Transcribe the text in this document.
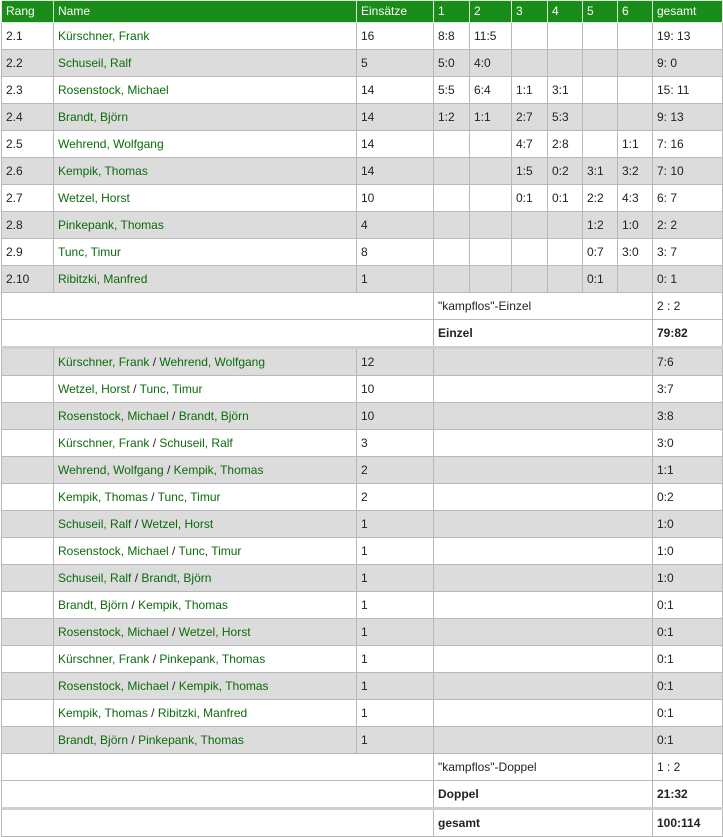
Rang	Name	Einsätze	1	2	3	4	5	6	gesamt
2.1	Kürschner, Frank	16	8:8	11:5					19: 13
2.2	Schuseil, Ralf	5	5:0	4:0					9: 0
2.3	Rosenstock, Michael	14	5:5	6:4	1:1	3:1			15: 11
2.4	Brandt, Björn	14	1:2	1:1	2:7	5:3			9: 13
2.5	Wehrend, Wolfgang	14			4:7	2:8		1:1	7: 16
2.6	Kempik, Thomas	14			1:5	0:2	3:1	3:2	7: 10
2.7	Wetzel, Horst	10			0:1	0:1	2:2	4:3	6: 7
2.8	Pinkepank, Thomas	4					1:2	1:0	2: 2
2.9	Tunc, Timur	8					0:7	3:0	3: 7
2.10	Ribitzki, Manfred	1					0:1		0: 1
			"kampflos"-Einzel						2 : 2
			Einzel						79:82
	Kürschner, Frank / Wehrend, Wolfgang	12							7:6
	Wetzel, Horst / Tunc, Timur	10							3:7
	Rosenstock, Michael / Brandt, Björn	10							3:8
	Kürschner, Frank / Schuseil, Ralf	3							3:0
	Wehrend, Wolfgang / Kempik, Thomas	2							1:1
	Kempik, Thomas / Tunc, Timur	2							0:2
	Schuseil, Ralf / Wetzel, Horst	1							1:0
	Rosenstock, Michael / Tunc, Timur	1							1:0
	Schuseil, Ralf / Brandt, Björn	1							1:0
	Brandt, Björn / Kempik, Thomas	1							0:1
	Rosenstock, Michael / Wetzel, Horst	1							0:1
	Kürschner, Frank / Pinkepank, Thomas	1							0:1
	Rosenstock, Michael / Kempik, Thomas	1							0:1
	Kempik, Thomas / Ribitzki, Manfred	1							0:1
	Brandt, Björn / Pinkepank, Thomas	1							0:1
			"kampflos"-Doppel						1 : 2
			Doppel						21:32
			gesamt						100:114
